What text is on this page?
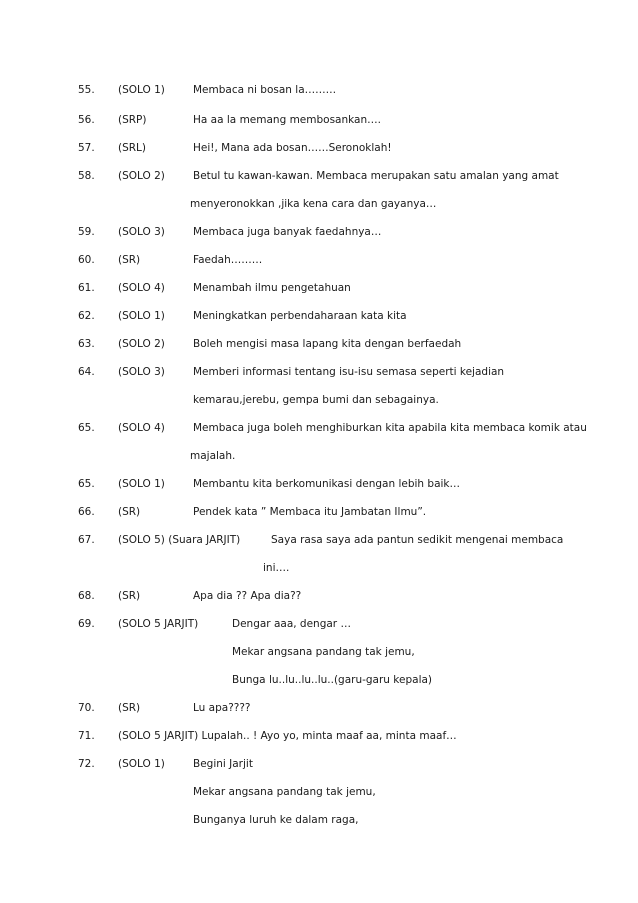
55. (SOLO 1)	Membaca ni bosan la………
56. (SRP)	Ha aa la memang membosankan….
57. (SRL)	Hei!, Mana ada bosan……Seronoklah!
58. (SOLO 2)	Betul tu kawan-kawan. Membaca merupakan satu amalan yang amat
menyeronokkan ,jika kena cara dan gayanya…
59. (SOLO 3)	Membaca juga banyak faedahnya…
60. (SR)	Faedah………
61. (SOLO 4)	Menambah ilmu pengetahuan
62. (SOLO 1)	Meningkatkan perbendaharaan kata kita
63. (SOLO 2)	Boleh mengisi masa lapang kita dengan berfaedah
64. (SOLO 3)	Memberi informasi tentang isu-isu semasa seperti kejadian
kemarau,jerebu, gempa bumi dan sebagainya.
65. (SOLO 4)	Membaca juga boleh menghiburkan kita apabila kita membaca komik atau
majalah.
65. (SOLO 1)	Membantu kita berkomunikasi dengan lebih baik…
66. (SR)	Pendek kata ” Membaca itu Jambatan Ilmu”.
67. (SOLO 5) (Suara JARJIT)	Saya rasa saya ada pantun sedikit mengenai membaca
ini….
68. (SR)	Apa dia ?? Apa dia??
69. (SOLO 5 JARJIT)	Dengar aaa, dengar …
Mekar angsana pandang tak jemu,
Bunga lu..lu..lu..lu..(garu-garu kepala)
70. (SR)	Lu apa????
71. (SOLO 5 JARJIT) Lupalah.. ! Ayo yo, minta maaf aa, minta maaf…
72. (SOLO 1)	Begini Jarjit
Mekar angsana pandang tak jemu,
Bunganya luruh ke dalam raga,
